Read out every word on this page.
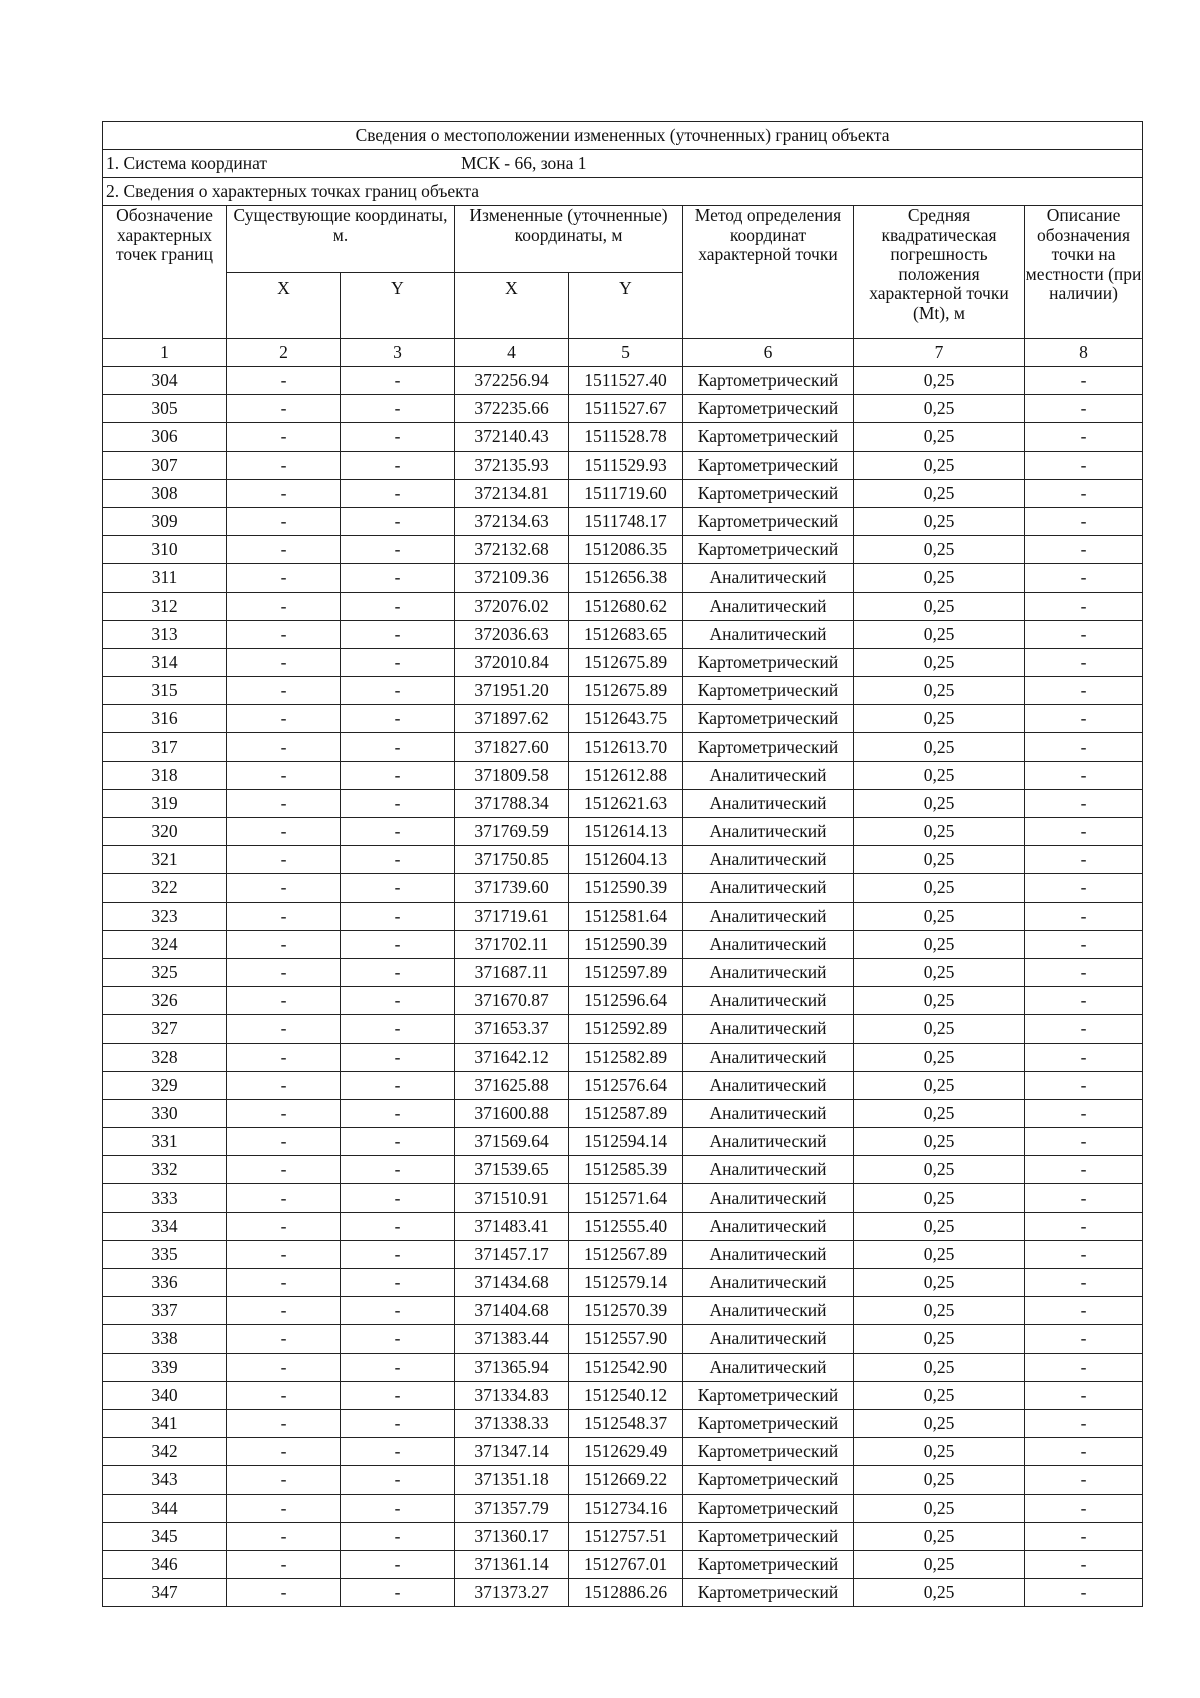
Сведения о местоположении измененных (уточненных) границ объекта							
1. Система координат МСК - 66, зона 1							
2. Сведения о характерных точках границ объекта							
Обозначение характерных точек границ	Существующие координаты, м.		Измененные (уточненные) координаты, м		Метод определения координат характерной точки	Средняя квадратическая погрешность положения характерной точки (Mt), м	Описание обозначения точки на местности (при наличии)
	X	Y	X	Y			
1	2	3	4	5	6	7	8
304	-	-	372256.94	1511527.40	Картометрический	0,25	-
305	-	-	372235.66	1511527.67	Картометрический	0,25	-
306	-	-	372140.43	1511528.78	Картометрический	0,25	-
307	-	-	372135.93	1511529.93	Картометрический	0,25	-
308	-	-	372134.81	1511719.60	Картометрический	0,25	-
309	-	-	372134.63	1511748.17	Картометрический	0,25	-
310	-	-	372132.68	1512086.35	Картометрический	0,25	-
311	-	-	372109.36	1512656.38	Аналитический	0,25	-
312	-	-	372076.02	1512680.62	Аналитический	0,25	-
313	-	-	372036.63	1512683.65	Аналитический	0,25	-
314	-	-	372010.84	1512675.89	Картометрический	0,25	-
315	-	-	371951.20	1512675.89	Картометрический	0,25	-
316	-	-	371897.62	1512643.75	Картометрический	0,25	-
317	-	-	371827.60	1512613.70	Картометрический	0,25	-
318	-	-	371809.58	1512612.88	Аналитический	0,25	-
319	-	-	371788.34	1512621.63	Аналитический	0,25	-
320	-	-	371769.59	1512614.13	Аналитический	0,25	-
321	-	-	371750.85	1512604.13	Аналитический	0,25	-
322	-	-	371739.60	1512590.39	Аналитический	0,25	-
323	-	-	371719.61	1512581.64	Аналитический	0,25	-
324	-	-	371702.11	1512590.39	Аналитический	0,25	-
325	-	-	371687.11	1512597.89	Аналитический	0,25	-
326	-	-	371670.87	1512596.64	Аналитический	0,25	-
327	-	-	371653.37	1512592.89	Аналитический	0,25	-
328	-	-	371642.12	1512582.89	Аналитический	0,25	-
329	-	-	371625.88	1512576.64	Аналитический	0,25	-
330	-	-	371600.88	1512587.89	Аналитический	0,25	-
331	-	-	371569.64	1512594.14	Аналитический	0,25	-
332	-	-	371539.65	1512585.39	Аналитический	0,25	-
333	-	-	371510.91	1512571.64	Аналитический	0,25	-
334	-	-	371483.41	1512555.40	Аналитический	0,25	-
335	-	-	371457.17	1512567.89	Аналитический	0,25	-
336	-	-	371434.68	1512579.14	Аналитический	0,25	-
337	-	-	371404.68	1512570.39	Аналитический	0,25	-
338	-	-	371383.44	1512557.90	Аналитический	0,25	-
339	-	-	371365.94	1512542.90	Аналитический	0,25	-
340	-	-	371334.83	1512540.12	Картометрический	0,25	-
341	-	-	371338.33	1512548.37	Картометрический	0,25	-
342	-	-	371347.14	1512629.49	Картометрический	0,25	-
343	-	-	371351.18	1512669.22	Картометрический	0,25	-
344	-	-	371357.79	1512734.16	Картометрический	0,25	-
345	-	-	371360.17	1512757.51	Картометрический	0,25	-
346	-	-	371361.14	1512767.01	Картометрический	0,25	-
347	-	-	371373.27	1512886.26	Картометрический	0,25	-
